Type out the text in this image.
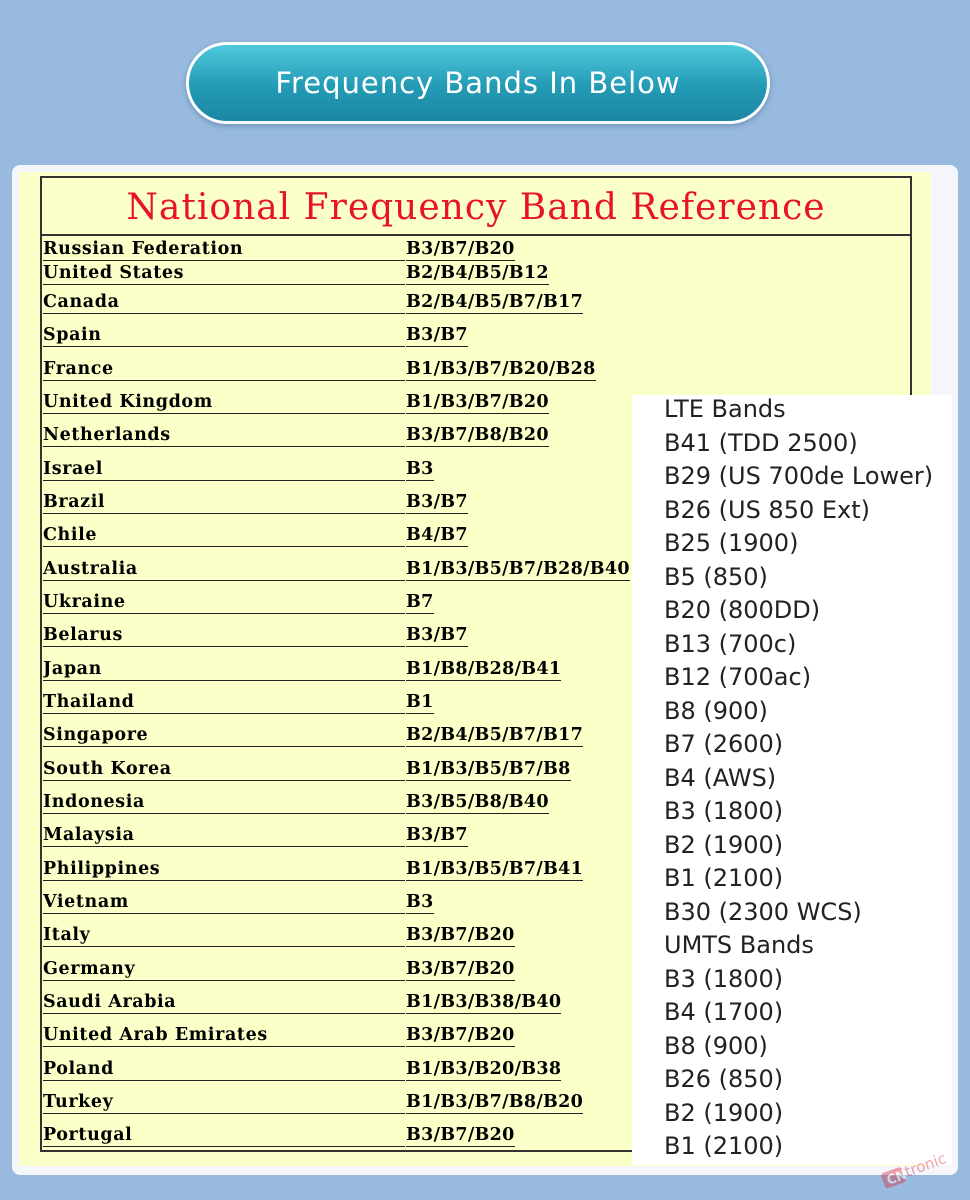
Frequency Bands In Below
National Frequency Band Reference
Russian Federation	B3/B7/B20
United States	B2/B4/B5/B12
Canada	B2/B4/B5/B7/B17
Spain	B3/B7
France	B1/B3/B7/B20/B28
United Kingdom	B1/B3/B7/B20
Netherlands	B3/B7/B8/B20
Israel	B3
Brazil	B3/B7
Chile	B4/B7
Australia	B1/B3/B5/B7/B28/B40
Ukraine	B7
Belarus	B3/B7
Japan	B1/B8/B28/B41
Thailand	B1
Singapore	B2/B4/B5/B7/B17
South Korea	B1/B3/B5/B7/B8
Indonesia	B3/B5/B8/B40
Malaysia	B3/B7
Philippines	B1/B3/B5/B7/B41
Vietnam	B3
Italy	B3/B7/B20
Germany	B3/B7/B20
Saudi Arabia	B1/B3/B38/B40
United Arab Emirates	B3/B7/B20
Poland	B1/B3/B20/B38
Turkey	B1/B3/B7/B8/B20
Portugal	B3/B7/B20
LTE Bands
B41 (TDD 2500)
B29 (US 700de Lower)
B26 (US 850 Ext)
B25 (1900)
B5 (850)
B20 (800DD)
B13 (700c)
B12 (700ac)
B8 (900)
B7 (2600)
B4 (AWS)
B3 (1800)
B2 (1900)
B1 (2100)
B30 (2300 WCS)
UMTS Bands
B3 (1800)
B4 (1700)
B8 (900)
B26 (850)
B2 (1900)
B1 (2100)
CN
tronic
